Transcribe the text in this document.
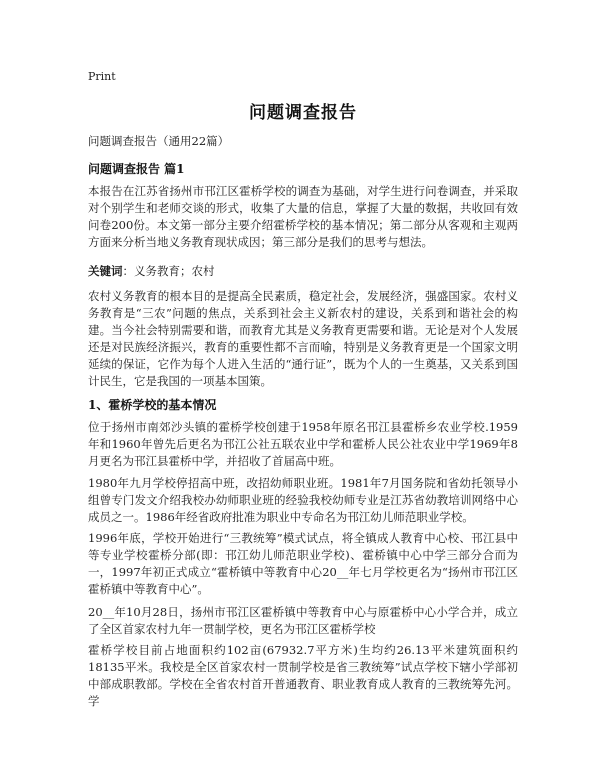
Print
问题调查报告
问题调查报告（通用22篇）
问题调查报告 篇1
本报告在江苏省扬州市邗江区霍桥学校的调查为基础，对学生进行问卷调查，并采取对个别学生和老师交谈的形式，收集了大量的信息，掌握了大量的数据，共收回有效问卷200份。本文第一部分主要介绍霍桥学校的基本情况；第二部分从客观和主观两方面来分析当地义务教育现状成因；第三部分是我们的思考与想法。
关键词：义务教育；农村
农村义务教育的根本目的是提高全民素质，稳定社会，发展经济，强盛国家。农村义务教育是“三农”问题的焦点，关系到社会主义新农村的建设，关系到和谐社会的构建。当今社会特别需要和谐，而教育尤其是义务教育更需要和谐。无论是对个人发展还是对民族经济振兴，教育的重要性都不言而喻，特别是义务教育更是一个国家文明延续的保证，它作为每个人进入生活的“通行证”，既为个人的一生奠基，又关系到国计民生，它是我国的一项基本国策。
1、霍桥学校的基本情况
位于扬州市南郊沙头镇的霍桥学校创建于1958年原名邗江县霍桥乡农业学校.1959年和1960年曾先后更名为邗江公社五联农业中学和霍桥人民公社农业中学1969年8月更名为邗江县霍桥中学，并招收了首届高中班。
1980年九月学校停招高中班，改招幼师职业班。1981年7月国务院和省幼托领导小组曾专门发文介绍我校办幼师职业班的经验我校幼师专业是江苏省幼教培训网络中心成员之一。1986年经省政府批准为职业中专命名为邗江幼儿师范职业学校。
1996年底，学校开始进行“三教统筹”模式试点，将全镇成人教育中心校、邗江县中等专业学校霍桥分部(即：邗江幼儿师范职业学校)、霍桥镇中心中学三部分合而为一，1997年初正式成立“霍桥镇中等教育中心20__年七月学校更名为“扬州市邗江区霍桥镇中等教育中心”。
20__年10月28日，扬州市邗江区霍桥镇中等教育中心与原霍桥中心小学合并，成立了全区首家农村九年一贯制学校，更名为邗江区霍桥学校
霍桥学校目前占地面积约102亩(67932.7平方米)生均约26.13平米建筑面积约18135平米。我校是全区首家农村一贯制学校是省三教统筹”试点学校下辖小学部初中部成职教部。学校在全省农村首开普通教育、职业教育成人教育的三教统筹先河。学
